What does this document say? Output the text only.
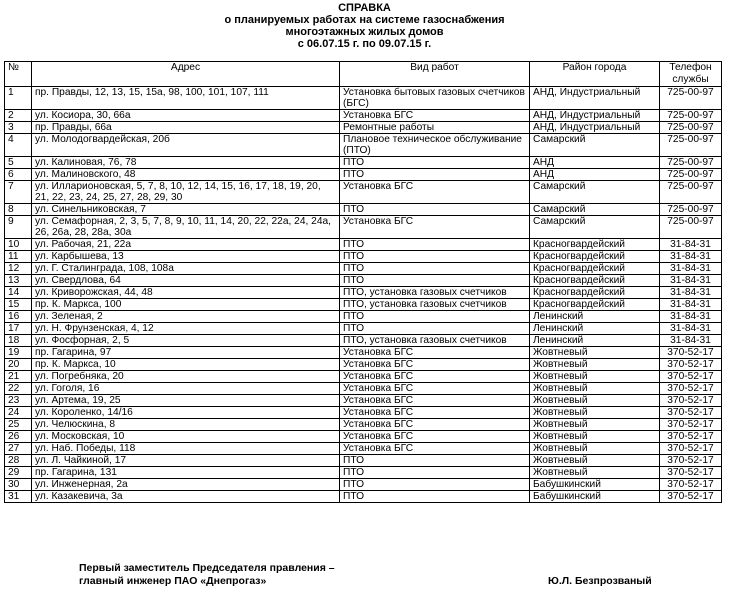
СПРАВКА
о планируемых работах на системе газоснабжения
многоэтажных жилых домов
с 06.07.15 г. по 09.07.15 г.
№	Адрес	Вид работ	Район города	Телефон службы
1	пр. Правды, 12, 13, 15, 15а, 98, 100, 101, 107, 111	Установка бытовых газовых счетчиков (БГС)	АНД, Индустриальный	725-00-97
2	ул. Косиора, 30, 66а	Установка БГС	АНД, Индустриальный	725-00-97
3	пр. Правды, 66а	Ремонтные работы	АНД, Индустриальный	725-00-97
4	ул. Молодогвардейская, 20б	Плановое техническое обслуживание (ПТО)	Самарский	725-00-97
5	ул. Калиновая, 76, 78	ПТО	АНД	725-00-97
6	ул. Малиновского, 48	ПТО	АНД	725-00-97
7	ул. Илларионовская, 5, 7, 8, 10, 12, 14, 15, 16, 17, 18, 19, 20, 21, 22, 23, 24, 25, 27, 28, 29, 30	Установка БГС	Самарский	725-00-97
8	ул. Синельниковская, 7	ПТО	Самарский	725-00-97
9	ул. Семафорная, 2, 3, 5, 7, 8, 9, 10, 11, 14, 20, 22, 22а, 24, 24а, 26, 26а, 28, 28а, 30а	Установка БГС	Самарский	725-00-97
10	ул. Рабочая, 21, 22а	ПТО	Красногвардейский	31-84-31
11	ул. Карбышева, 13	ПТО	Красногвардейский	31-84-31
12	ул. Г. Сталинграда, 108, 108а	ПТО	Красногвардейский	31-84-31
13	ул. Свердлова, 64	ПТО	Красногвардейский	31-84-31
14	ул. Криворожская, 44, 48	ПТО, установка газовых счетчиков	Красногвардейский	31-84-31
15	пр. К. Маркса, 100	ПТО, установка газовых счетчиков	Красногвардейский	31-84-31
16	ул. Зеленая, 2	ПТО	Ленинский	31-84-31
17	ул. Н. Фрунзенская, 4, 12	ПТО	Ленинский	31-84-31
18	ул. Фосфорная, 2, 5	ПТО, установка газовых счетчиков	Ленинский	31-84-31
19	пр. Гагарина, 97	Установка БГС	Жовтневый	370-52-17
20	пр. К. Маркса, 10	Установка БГС	Жовтневый	370-52-17
21	ул. Погребняка, 20	Установка БГС	Жовтневый	370-52-17
22	ул. Гоголя, 16	Установка БГС	Жовтневый	370-52-17
23	ул. Артема, 19, 25	Установка БГС	Жовтневый	370-52-17
24	ул. Короленко, 14/16	Установка БГС	Жовтневый	370-52-17
25	ул. Челюскина, 8	Установка БГС	Жовтневый	370-52-17
26	ул. Московская, 10	Установка БГС	Жовтневый	370-52-17
27	ул. Наб. Победы, 118	Установка БГС	Жовтневый	370-52-17
28	ул. Л. Чайкиной, 17	ПТО	Жовтневый	370-52-17
29	пр. Гагарина, 131	ПТО	Жовтневый	370-52-17
30	ул. Инженерная, 2а	ПТО	Бабушкинский	370-52-17
31	ул. Казакевича, 3а	ПТО	Бабушкинский	370-52-17
Первый заместитель Председателя правления –
главный инженер ПАО «Днепрогаз»	Ю.Л. Безпрозваный
